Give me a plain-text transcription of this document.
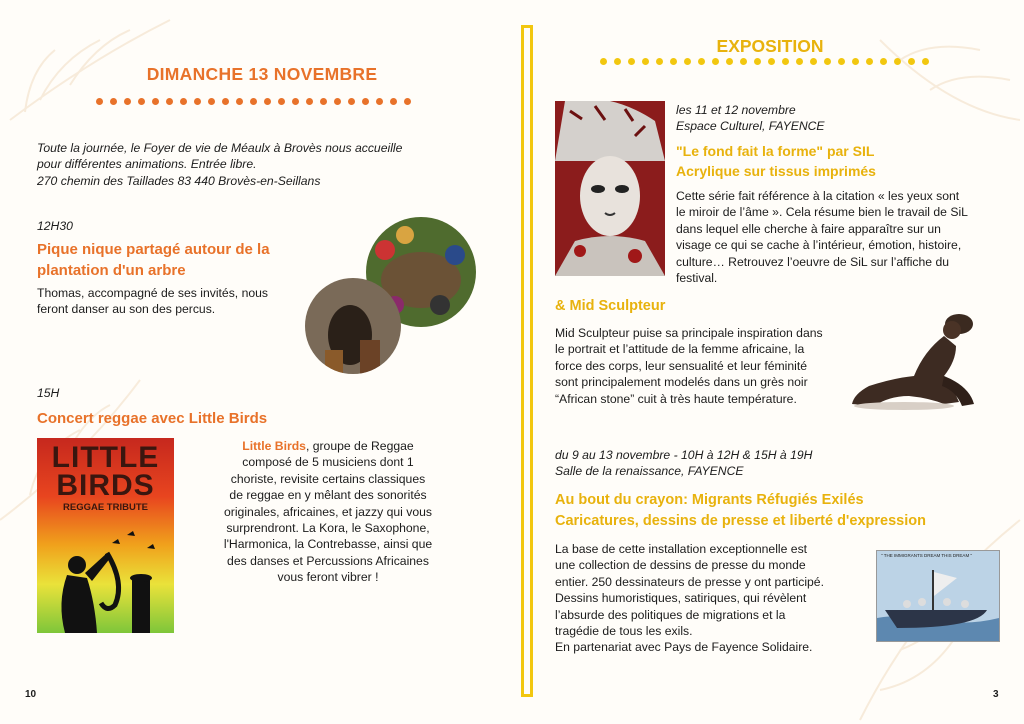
DIMANCHE 13 NOVEMBRE

Toute la journée, le Foyer de vie de Méaulx à Brovès nous accueille

pour différentes animations. Entrée libre.

270 chemin des Taillades 83 440 Brovès-en-Seillans

12H30

Pique nique partagé autour de la

plantation d'un arbre

Thomas, accompagné de ses invités, nous

feront danser au son des percus.

15H
Concert reggae avec Little Birds
LITTLE
BIRDS
REGGAE TRIBUTE

Little Birds, groupe de Reggae

composé de 5 musiciens dont 1

choriste, revisite certains classiques

de reggae en y mêlant des sonorités

originales, africaines, et jazzy qui vous

surprendront. La Kora, le Saxophone,

l'Harmonica, la Contrebasse, ainsi que

des danses et Percussions Africaines

vous feront vibrer !

10
EXPOSITION

les 11 et 12 novembre

Espace Culturel, FAYENCE

"Le fond fait la forme" par SIL

Acrylique sur tissus imprimés

Cette série fait référence à la citation « les yeux sont

le miroir de l’âme ». Cela résume bien le travail de SiL

dans lequel elle cherche à faire apparaître sur un

visage ce qui se cache à l’intérieur, émotion, histoire,

culture… Retrouvez l’oeuvre de SiL sur l’affiche du

festival.

& Mid Sculpteur

Mid Sculpteur puise sa principale inspiration dans

le portrait et l’attitude de la femme africaine, la

force des corps, leur sensualité et leur féminité

sont principalement modelés dans un grès noir

“African stone” cuit à très haute température.

du 9 au 13 novembre - 10H à 12H & 15H à 19H

Salle de la renaissance, FAYENCE

Au bout du crayon: Migrants Réfugiés Exilés

Caricatures, dessins de presse et liberté d'expression

La base de cette installation exceptionnelle est

une collection de dessins de presse du monde

entier. 250 dessinateurs de presse y ont participé.

Dessins humoristiques, satiriques, qui révèlent

l’absurde des politiques de migrations et la

tragédie de tous les exils.

En partenariat avec Pays de Fayence Solidaire.

" THE IMMIGRANTS DREAM THIS DREAM "
3
